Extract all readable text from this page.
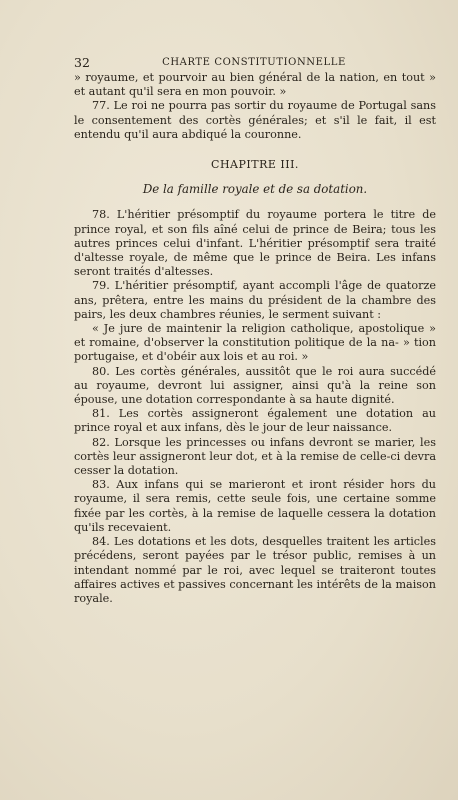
32	CHARTE CONSTITUTIONNELLE

» royaume, et pourvoir au bien général de la nation, en tout » et autant qu'il sera en mon pouvoir. »

77. Le roi ne pourra pas sortir du royaume de Portugal sans le consentement des cortès générales; et s'il le fait, il est entendu qu'il aura abdiqué la couronne.

CHAPITRE III.
De la famille royale et de sa dotation.

78. L'héritier présomptif du royaume portera le titre de prince royal, et son fils aîné celui de prince de Beira; tous les autres princes celui d'infant. L'héritier présomptif sera traité d'altesse royale, de même que le prince de Beira. Les infans seront traités d'altesses.

79. L'héritier présomptif, ayant accompli l'âge de quatorze ans, prêtera, entre les mains du président de la chambre des pairs, les deux chambres réunies, le serment suivant :

« Je jure de maintenir la religion catholique, apostolique » et romaine, d'observer la constitution politique de la na- » tion portugaise, et d'obéir aux lois et au roi. »

80. Les cortès générales, aussitôt que le roi aura succédé au royaume, devront lui assigner, ainsi qu'à la reine son épouse, une dotation correspondante à sa haute dignité.

81. Les cortès assigneront également une dotation au prince royal et aux infans, dès le jour de leur naissance.

82. Lorsque les princesses ou infans devront se marier, les cortès leur assigneront leur dot, et à la remise de celle-ci devra cesser la dotation.

83. Aux infans qui se marieront et iront résider hors du royaume, il sera remis, cette seule fois, une certaine somme fixée par les cortès, à la remise de laquelle cessera la dotation qu'ils recevaient.

84. Les dotations et les dots, desquelles traitent les articles précédens, seront payées par le trésor public, remises à un intendant nommé par le roi, avec lequel se traiteront toutes affaires actives et passives concernant les intérêts de la maison royale.
